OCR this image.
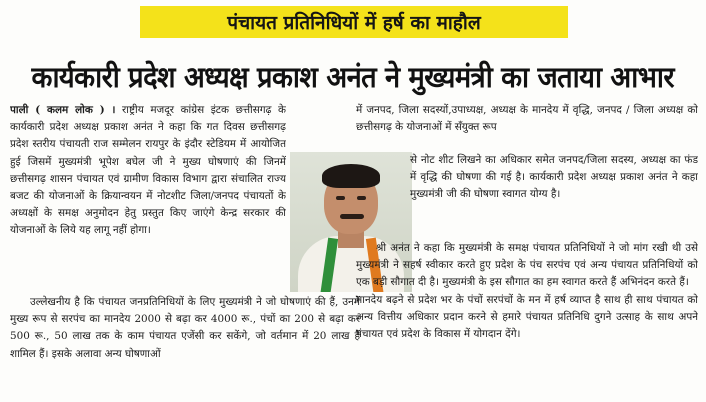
पंचायत प्रतिनिधियों में हर्ष का माहौल
कार्यकारी प्रदेश अध्यक्ष प्रकाश अनंत ने मुख्यमंत्री का जताया आभार

पाली ( कलम लोक ) । राष्ट्रीय मजदूर कांग्रेस इंटक छत्तीसगढ़ के कार्यकारी प्रदेश अध्यक्ष प्रकाश अनंत ने कहा कि गत दिवस छत्तीसगढ़ प्रदेश स्तरीय पंचायती राज सम्मेलन रायपुर के इंदौर स्टेडियम में आयोजित हुई जिसमें मुख्यमंत्री भूपेश बघेल जी ने मुख्य घोषणाएं की जिनमें छत्तीसगढ़ शासन पंचायत एवं ग्रामीण विकास विभाग द्वारा संचालित राज्य बजट की योजनाओं के क्रियान्वयन में नोटशीट जिला/जनपद पंचायतों के अध्यक्षों के समक्ष अनुमोदन हेतु प्रस्तुत किए जाएंगे केन्द्र सरकार की योजनाओं के लिये यह लागू नहीं होगा।

उल्लेखनीय है कि पंचायत जनप्रतिनिधियों के लिए मुख्यमंत्री ने जो घोषणाएं की हैं, उनमें मुख्य रूप से सरपंच का मानदेय 2000 से बढ़ा कर 4000 रू., पंचों का 200 से बढ़ा कर 500 रू., 50 लाख तक के काम पंचायत एजेंसी कर सकेंगे, जो वर्तमान में 20 लाख हैं शामिल हैं। इसके अलावा अन्य घोषणाओं

में जनपद, जिला सदस्यों,उपाध्यक्ष, अध्यक्ष के मानदेय में वृद्धि, जनपद / जिला अध्यक्ष को छत्तीसगढ़ के योजनाओं में सँयुक्त रूप

से नोट शीट लिखने का अधिकार समेत जनपद/जिला सदस्य, अध्यक्ष का फंड में वृद्धि की घोषणा की गई है। कार्यकारी प्रदेश अध्यक्ष प्रकाश अनंत ने कहा मुख्यमंत्री जी की घोषणा स्वागत योग्य है।

श्री अनंत ने कहा कि मुख्यमंत्री के समक्ष पंचायत प्रतिनिधियों ने जो मांग रखी थी उसे मुख्यमंत्री ने सहर्ष स्वीकार करते हुए प्रदेश के पंच सरपंच एवं अन्य पंचायत प्रतिनिधियों को एक बड़ी सौगात दी है। मुख्यमंत्री के इस सौगात का हम स्वागत करते हैं अभिनंदन करते हैं।

मानदेय बढ़ने से प्रदेश भर के पंचों सरपंचों के मन में हर्ष व्याप्त है साथ ही साथ पंचायत को अन्य वित्तीय अधिकार प्रदान करने से हमारे पंचायत प्रतिनिधि दुगने उत्साह के साथ अपने पंचायत एवं प्रदेश के विकास में योगदान देंगे।
